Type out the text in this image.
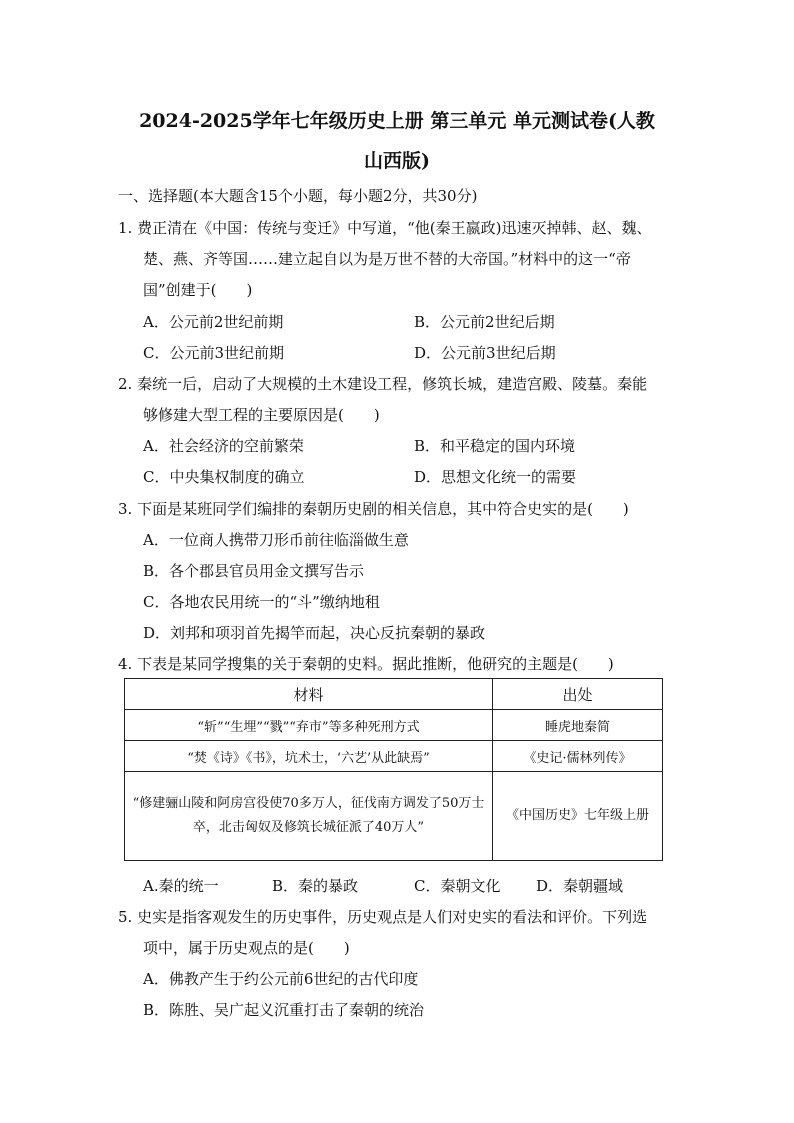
2024-2025学年七年级历史上册 第三单元 单元测试卷(人教
山西版)
一、选择题(本大题含15个小题，每小题2分，共30分)
1. 费正清在《中国：传统与变迁》中写道，“他(秦王嬴政)迅速灭掉韩、赵、魏、
楚、燕、齐等国……建立起自以为是万世不替的大帝国。”材料中的这一“帝
国”创建于(　　)
A．公元前2世纪前期	B．公元前2世纪后期
C．公元前3世纪前期	D．公元前3世纪后期
2. 秦统一后，启动了大规模的土木建设工程，修筑长城，建造宫殿、陵墓。秦能
够修建大型工程的主要原因是(　　)
A．社会经济的空前繁荣	B．和平稳定的国内环境
C．中央集权制度的确立	D．思想文化统一的需要
3. 下面是某班同学们编排的秦朝历史剧的相关信息，其中符合史实的是(　　)
A．一位商人携带刀形币前往临淄做生意
B．各个郡县官员用金文撰写告示
C．各地农民用统一的“斗”缴纳地租
D．刘邦和项羽首先揭竿而起，决心反抗秦朝的暴政
4. 下表是某同学搜集的关于秦朝的史料。据此推断，他研究的主题是(　　)
材料	出处
“斩”“生埋”“戮”“弃市”等多种死刑方式	睡虎地秦简
“焚《诗》《书》，坑术士，‘六艺’从此缺焉”	《史记·儒林列传》
“修建骊山陵和阿房宫役使70多万人，征伐南方调发了50万士卒，北击匈奴及修筑长城征派了40万人”	《中国历史》七年级上册
A.秦的统一	B．秦的暴政	C．秦朝文化 D．秦朝疆域
5. 史实是指客观发生的历史事件，历史观点是人们对史实的看法和评价。下列选
项中，属于历史观点的是(　　)
A．佛教产生于约公元前6世纪的古代印度
B．陈胜、吴广起义沉重打击了秦朝的统治
